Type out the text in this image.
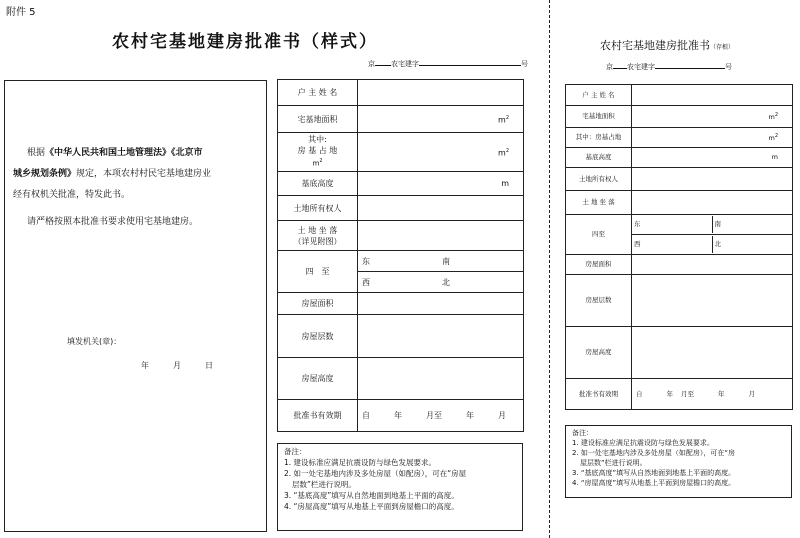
附件 5
农村宅基地建房批准书（样式）
京 农宅建字	号
根据《中华人民共和国土地管理法》《北京市
城乡规划条例》规定，本项农村村民宅基地建房业
经有权机关批准，特发此书。
请严格按照本批准书要求使用宅基地建房。
填发机关(章)：
年	月	日
户 主 姓 名	
宅基地面积	$m^2$

其中:
房 基 占 地
$m^2$	$m^2$
基底高度	m
土地所有权人	

土 地 坐 落
（详见附图）	

四　至	东 南
	西 北
房屋面积	
房屋层数	
房屋高度	
批准书有效期	自 年 月至 年 月
备注：
1. 建设标准应满足抗震设防与绿色发展要求。
2. 如一处宅基地内涉及多处房屋（如配房），可在“房屋
层数”栏进行说明。
3. “基底高度”填写从自然地面到地基上平面的高度。
4. “房屋高度”填写从地基上平面到房屋檐口的高度。
农村宅基地建房批准书（存根）
京 农宅建字	号
户 主 姓 名	
宅基地面积	$m^2$
其中：房基占地	$m^2$
基底高度	m
土地所有权人	
土 地 坐 落	
四至	东 南

	西 北

房屋面积	
房屋层数	
房屋高度	
批准书有效期	自 年 月至 年 月
备注：
1. 建设标准应满足抗震设防与绿色发展要求。
2. 如一处宅基地内涉及多处房屋（如配房），可在“房
屋层数”栏进行说明。
3. “基底高度”填写从自然地面到地基上平面的高度。
4. “房屋高度”填写从地基上平面到房屋檐口的高度。
